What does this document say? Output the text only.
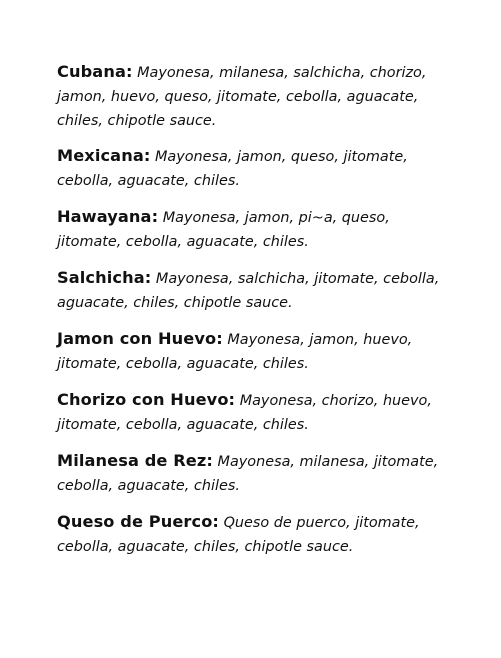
Cubana: Mayonesa, milanesa, salchicha, chorizo, jamon, huevo, queso, jitomate, cebolla, aguacate, chiles, chipotle sauce.

Mexicana: Mayonesa, jamon, queso, jitomate, cebolla, aguacate, chiles.

Hawayana: Mayonesa, jamon, pi~a, queso, jitomate, cebolla, aguacate, chiles.

Salchicha: Mayonesa, salchicha, jitomate, cebolla, aguacate, chiles, chipotle sauce.

Jamon con Huevo: Mayonesa, jamon, huevo, jitomate, cebolla, aguacate, chiles.

Chorizo con Huevo: Mayonesa, chorizo, huevo, jitomate, cebolla, aguacate, chiles.

Milanesa de Rez: Mayonesa, milanesa, jitomate, cebolla, aguacate, chiles.

Queso de Puerco: Queso de puerco, jitomate, cebolla, aguacate, chiles, chipotle sauce.
